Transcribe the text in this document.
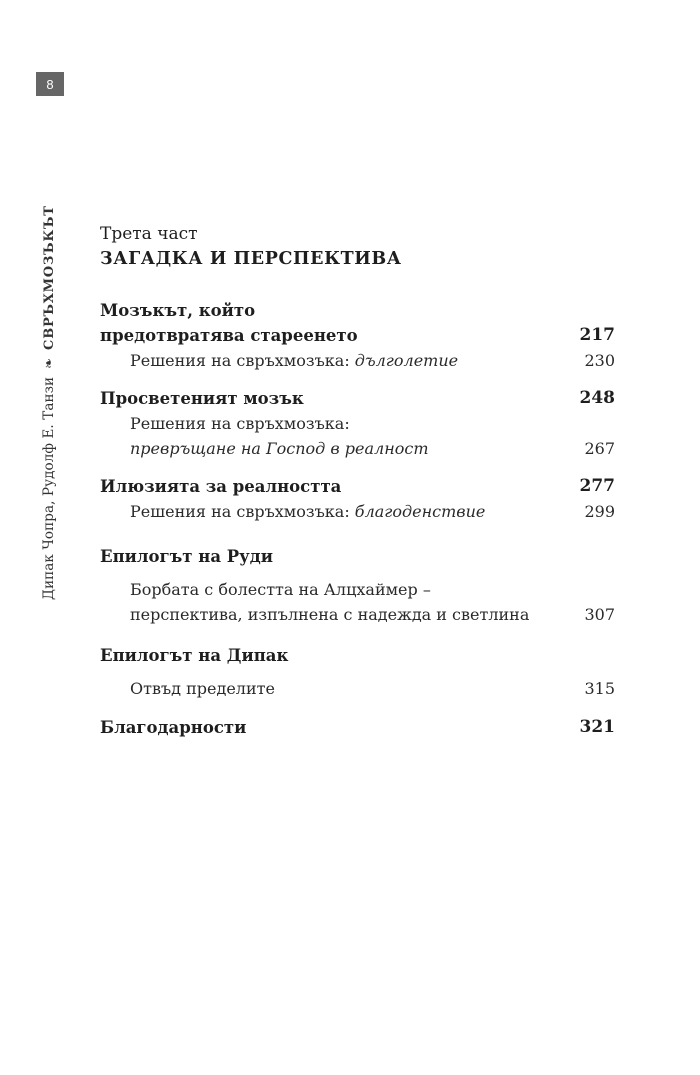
8
Дипак Чопра, Рудолф Е. Танзи
❧
СВРЪХМОЗЪКЪТ	Трета част
ЗАГАДКА И ПЕРСПЕКТИВА
Мозъкът, който
предотвратява стареенето	217
Решения на свръхмозъка: дълголетие	230
Просветеният мозък	248
Решения на свръхмозъка:
превръщане на Господ в реалност	267
Илюзията за реалността	277
Решения на свръхмозъка: благоденствие	299
Епилогът на Руди
Борбата с болестта на Алцхаймер –
перспектива, изпълнена с надежда и светлина	307
Епилогът на Дипак
Отвъд пределите	315
Благодарности	321
